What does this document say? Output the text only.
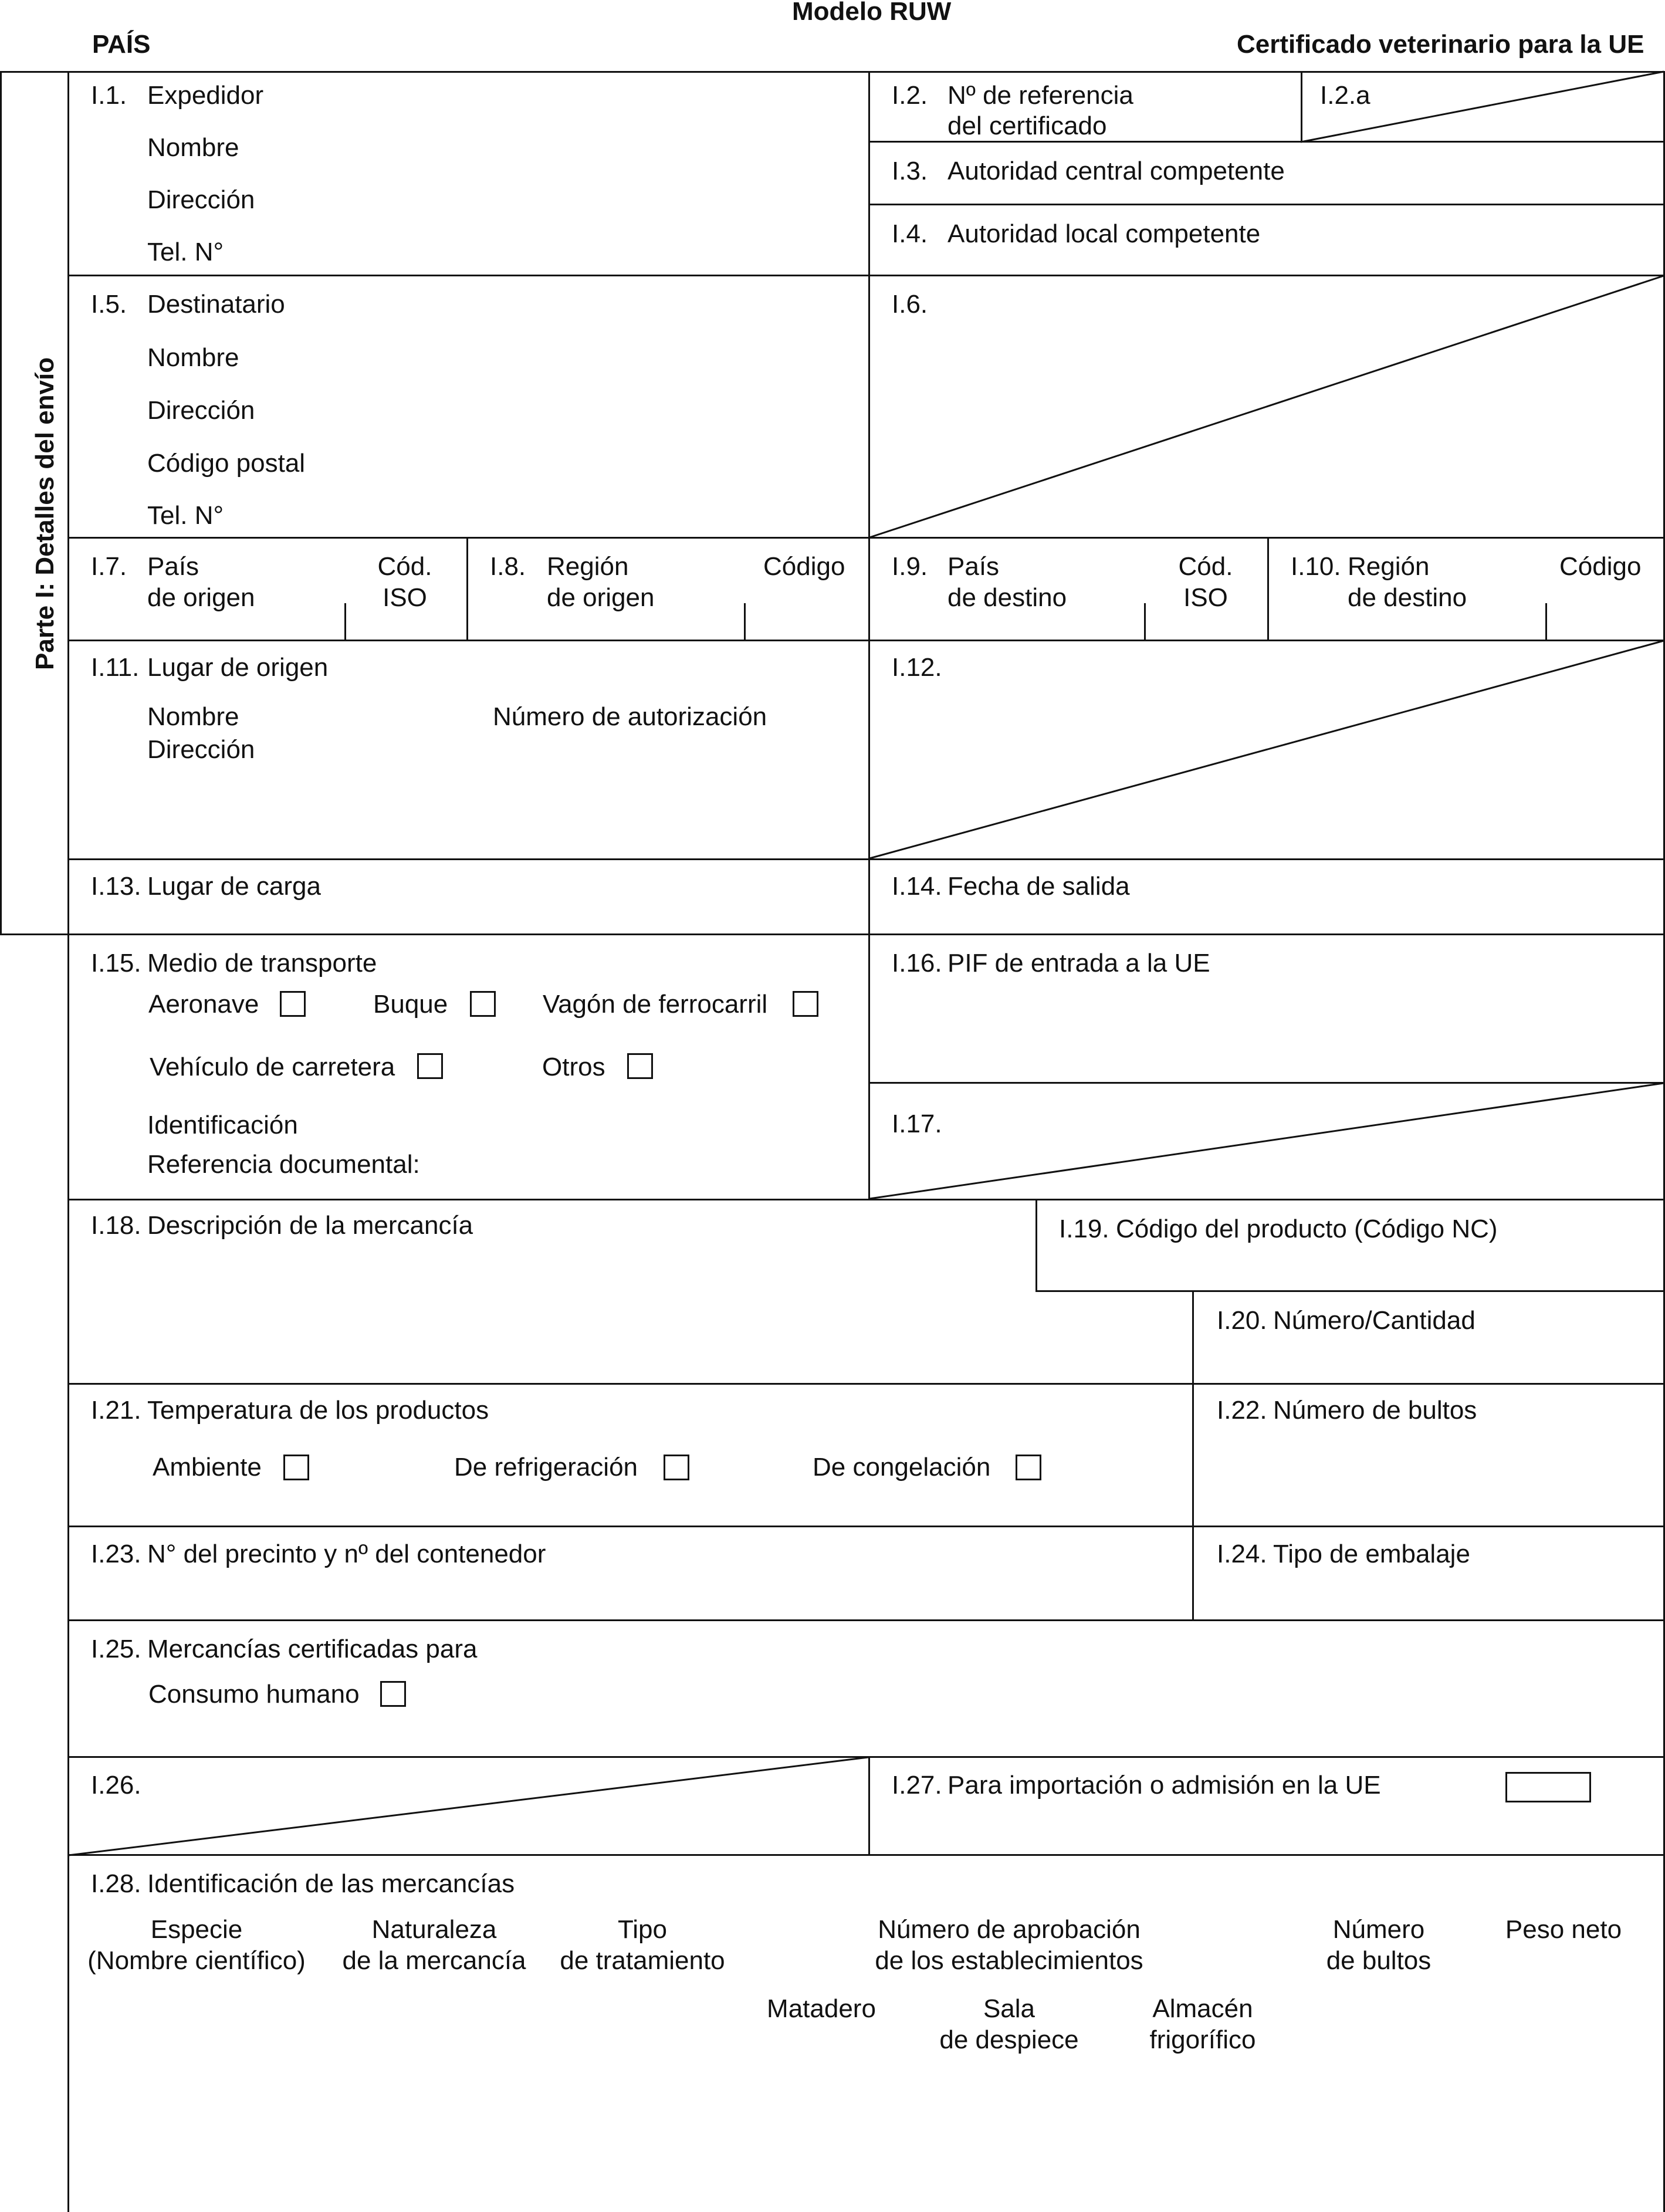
Modelo RUW
PAÍS	Certificado veterinario para la UE
Parte I: Detalles del envío
I.1. Expedidor
Nombre
Dirección
Tel. N°
I.2. Nº de referencia
del certificado
I.2.a
I.3. Autoridad central competente
I.4. Autoridad local competente
I.5. Destinatario
Nombre
Dirección
Código postal
Tel. N°
I.6.
I.7. País
de origen
Cód.
ISO
I.8. Región
de origen
Código I.9. País
de destino
Cód.
ISO
I.10. Región
de destino
Código
I.11. Lugar de origen
Nombre	Número de autorización
Dirección
I.12.
I.13. Lugar de carga	I.14. Fecha de salida
I.15. Medio de transporte
Aeronave	Buque	Vagón de ferrocarril
Vehículo de carretera	Otros
Identificación
Referencia documental:
I.16. PIF de entrada a la UE
I.17.
I.18. Descripción de la mercancía	I.19. Código del producto (Código NC)
I.20. Número/Cantidad
I.21. Temperatura de los productos
Ambiente	De refrigeración	De congelación
I.22. Número de bultos
I.23. N° del precinto y nº del contenedor	I.24. Tipo de embalaje
I.25. Mercancías certificadas para
Consumo humano
I.26.	I.27. Para importación o admisión en la UE
I.28. Identificación de las mercancías
Especie
(Nombre científico)
Naturaleza
de la mercancía
Tipo
de tratamiento
Número de aprobación
de los establecimientos
Número
de bultos
Peso neto
Matadero	Sala
de despiece
Almacén
frigorífico
